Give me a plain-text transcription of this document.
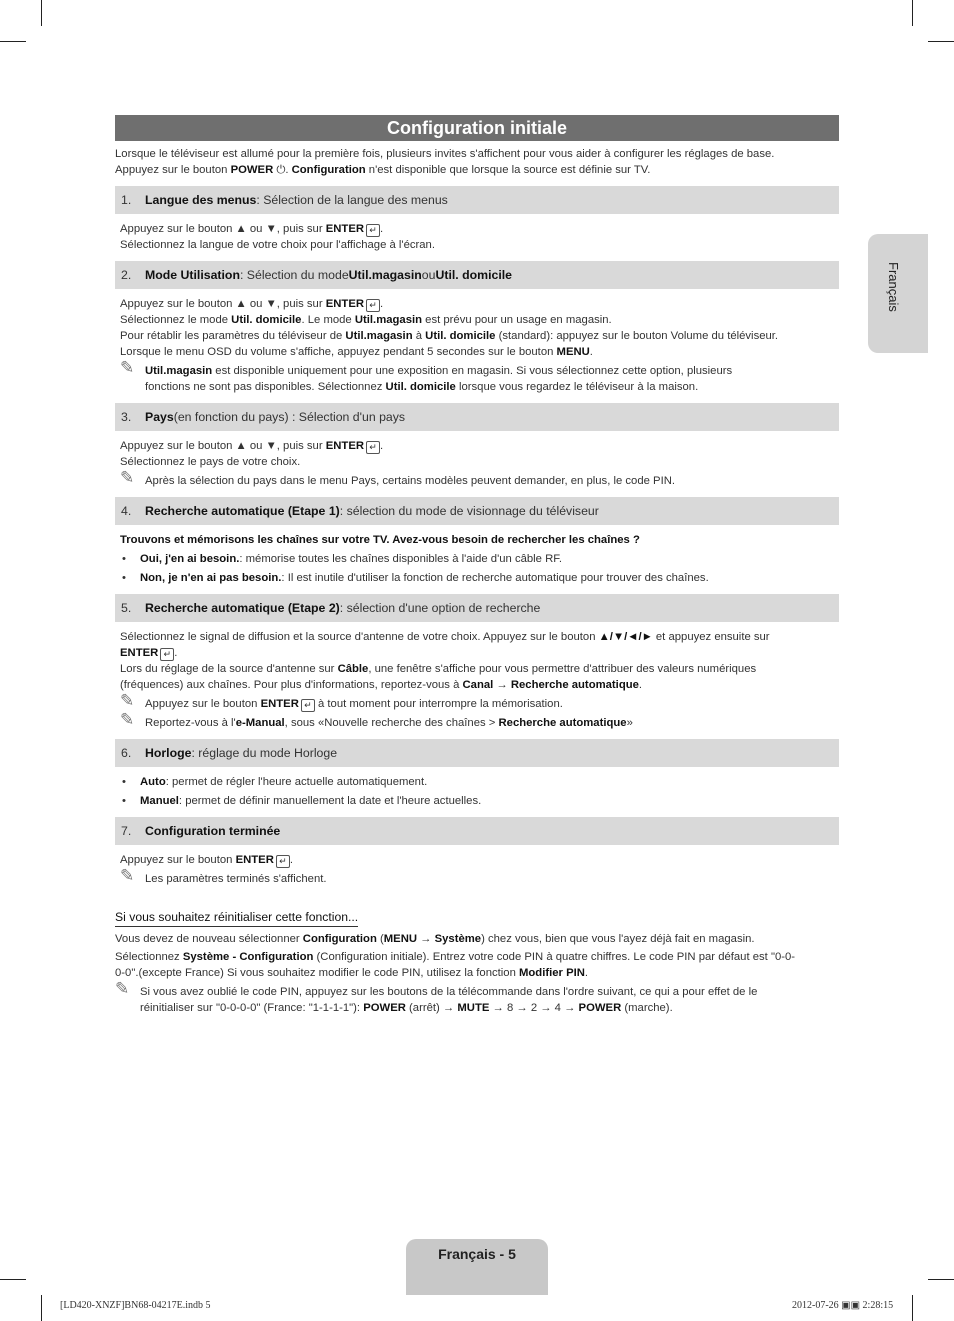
Français
Configuration initiale

Lorsque le téléviseur est allumé pour la première fois, plusieurs invites s'affichent pour vous aider à configurer les réglages de base.

Appuyez sur le bouton POWER ⏻. Configuration n'est disponible que lorsque la source est définie sur TV.

1.	Langue des menus : Sélection de la langue des menus

Appuyez sur le bouton ▲ ou ▼, puis sur ENTER ↵ .

Sélectionnez la langue de votre choix pour l'affichage à l'écran.

2.	Mode Utilisation : Sélection du mode Util.magasin ou Util. domicile

Appuyez sur le bouton ▲ ou ▼, puis sur ENTER ↵ .

Sélectionnez le mode Util. domicile. Le mode Util.magasin est prévu pour un usage en magasin.

Pour rétablir les paramètres du téléviseur de Util.magasin à Util. domicile (standard): appuyez sur le bouton Volume du téléviseur.

Lorsque le menu OSD du volume s'affiche, appuyez pendant 5 secondes sur le bouton MENU.

✎ Util.magasin est disponible uniquement pour une exposition en magasin. Si vous sélectionnez cette option, plusieurs

fonctions ne sont pas disponibles. Sélectionnez Util. domicile lorsque vous regardez le téléviseur à la maison.

3.	Pays (en fonction du pays) : Sélection d'un pays

Appuyez sur le bouton ▲ ou ▼, puis sur ENTER ↵ .

Sélectionnez le pays de votre choix.

✎ Après la sélection du pays dans le menu Pays, certains modèles peuvent demander, en plus, le code PIN.

4.	Recherche automatique (Etape 1) : sélection du mode de visionnage du téléviseur

Trouvons et mémorisons les chaînes sur votre TV. Avez-vous besoin de rechercher les chaînes ?

• Oui, j'en ai besoin.: mémorise toutes les chaînes disponibles à l'aide d'un câble RF.
• Non, je n'en ai pas besoin.: Il est inutile d'utiliser la fonction de recherche automatique pour trouver des chaînes.
5.	Recherche automatique (Etape 2) : sélection d'une option de recherche

Sélectionnez le signal de diffusion et la source d'antenne de votre choix. Appuyez sur le bouton ▲/▼/◄/► et appuyez ensuite sur

ENTER ↵ .

Lors du réglage de la source d'antenne sur Câble, une fenêtre s'affiche pour vous permettre d'attribuer des valeurs numériques

(fréquences) aux chaînes. Pour plus d'informations, reportez-vous à Canal → Recherche automatique.

✎ Appuyez sur le bouton ENTER ↵ à tout moment pour interrompre la mémorisation.

✎ Reportez-vous à l'e-Manual, sous «Nouvelle recherche des chaînes > Recherche automatique»

6.	Horloge : réglage du mode Horloge
• Auto: permet de régler l'heure actuelle automatiquement.
• Manuel: permet de définir manuellement la date et l'heure actuelles.
7.	Configuration terminée

Appuyez sur le bouton ENTER ↵ .

✎ Les paramètres terminés s'affichent.

Si vous souhaitez réinitialiser cette fonction...

Vous devez de nouveau sélectionner Configuration (MENU → Système) chez vous, bien que vous l'ayez déjà fait en magasin.

Sélectionnez Système - Configuration (Configuration initiale). Entrez votre code PIN à quatre chiffres. Le code PIN par défaut est "0-0-

0-0".(excepte France) Si vous souhaitez modifier le code PIN, utilisez la fonction Modifier PIN.

✎ Si vous avez oublié le code PIN, appuyez sur les boutons de la télécommande dans l'ordre suivant, ce qui a pour effet de le

réinitialiser sur "0-0-0-0" (France: "1-1-1-1"): POWER (arrêt) → MUTE → 8 → 2 → 4 → POWER (marche).

Français - 5
[LD420-XNZF]BN68-04217E.indb 5	2012-07-26 ▣▣ 2:28:15
